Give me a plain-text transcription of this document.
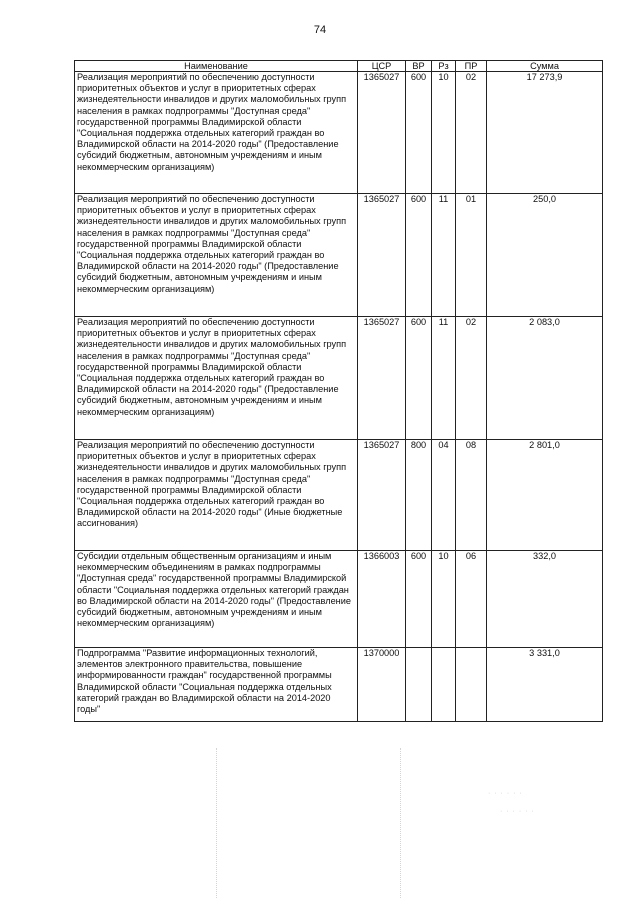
74
Наименование	ЦСР	ВР	Рз	ПР	Сумма
Реализация мероприятий по обеспечению доступности приоритетных объектов и услуг в приоритетных сферах жизнедеятельности инвалидов и других маломобильных групп населения в рамках подпрограммы "Доступная среда" государственной программы Владимирской области "Социальная поддержка отдельных категорий граждан во Владимирской области на 2014-2020 годы" (Предоставление субсидий бюджетным, автономным учреждениям и иным некоммерческим организациям)	1365027	600	10	02	17 273,9
Реализация мероприятий по обеспечению доступности приоритетных объектов и услуг в приоритетных сферах жизнедеятельности инвалидов и других маломобильных групп населения в рамках подпрограммы "Доступная среда" государственной программы Владимирской области "Социальная поддержка отдельных категорий граждан во Владимирской области на 2014-2020 годы" (Предоставление субсидий бюджетным, автономным учреждениям и иным некоммерческим организациям)	1365027	600	11	01	250,0
Реализация мероприятий по обеспечению доступности приоритетных объектов и услуг в приоритетных сферах жизнедеятельности инвалидов и других маломобильных групп населения в рамках подпрограммы "Доступная среда" государственной программы Владимирской области "Социальная поддержка отдельных категорий граждан во Владимирской области на 2014-2020 годы" (Предоставление субсидий бюджетным, автономным учреждениям и иным некоммерческим организациям)	1365027	600	11	02	2 083,0
Реализация мероприятий по обеспечению доступности приоритетных объектов и услуг в приоритетных сферах жизнедеятельности инвалидов и других маломобильных групп населения в рамках подпрограммы "Доступная среда" государственной программы Владимирской области "Социальная поддержка отдельных категорий граждан во Владимирской области на 2014-2020 годы" (Иные бюджетные ассигнования)	1365027	800	04	08	2 801,0
Субсидии отдельным общественным организациям и иным некоммерческим объединениям в рамках подпрограммы "Доступная среда" государственной программы Владимирской области "Социальная поддержка отдельных категорий граждан во Владимирской области на 2014-2020 годы" (Предоставление субсидий бюджетным, автономным учреждениям и иным некоммерческим организациям)	1366003	600	10	06	332,0
Подпрограмма "Развитие информационных технологий, элементов электронного правительства, повышение информированности граждан" государственной программы Владимирской области "Социальная поддержка отдельных категорий граждан во Владимирской области на 2014-2020 годы"	1370000				3 331,0
· · · · · ·
· · · · · ·
